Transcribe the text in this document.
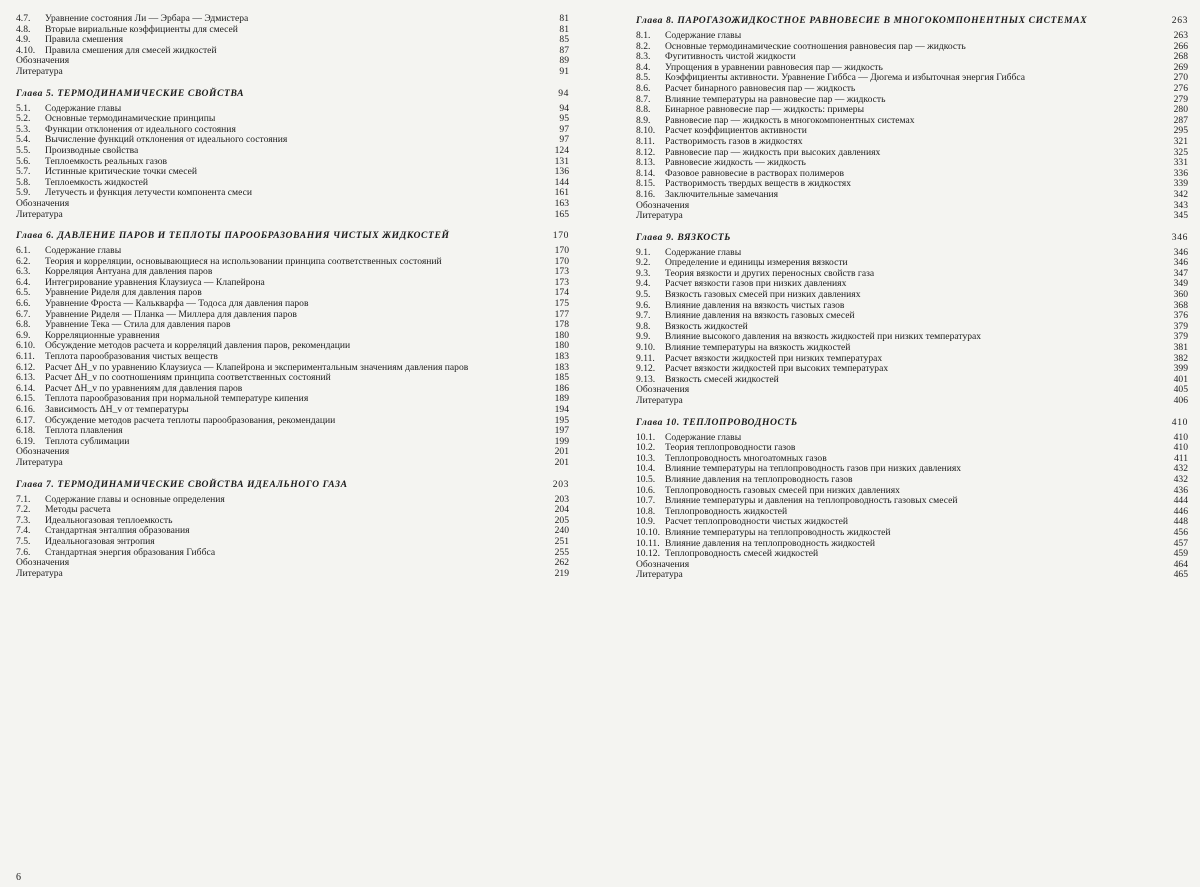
4.7.	Уравнение состояния Ли — Эрбара — Эдмистера	81
4.8.	Вторые вириальные коэффициенты для смесей	81
4.9.	Правила смешения	85
4.10.	Правила смешения для смесей жидкостей	87
Обозначения	89
Литература	91
Глава 5. ТЕРМОДИНАМИЧЕСКИЕ СВОЙСТВА	94
5.1.	Содержание главы	94
5.2.	Основные термодинамические принципы	95
5.3.	Функции отклонения от идеального состояния	97
5.4.	Вычисление функций отклонения от идеального состояния	97
5.5.	Производные свойства	124
5.6.	Теплоемкость реальных газов	131
5.7.	Истинные критические точки смесей	136
5.8.	Теплоемкость жидкостей	144
5.9.	Летучесть и функция летучести компонента смеси	161
Обозначения	163
Литература	165
Глава 6. ДАВЛЕНИЕ ПАРОВ И ТЕПЛОТЫ ПАРООБРАЗОВАНИЯ ЧИСТЫХ ЖИДКОСТЕЙ	170
6.1.	Содержание главы	170
6.2.	Теория и корреляции, основывающиеся на использовании принципа соответственных состояний	170
6.3.	Корреляция Антуана для давления паров	173
6.4.	Интегрирование уравнения Клаузиуса — Клапейрона	173
6.5.	Уравнение Риделя для давления паров	174
6.6.	Уравнение Фроста — Калькварфа — Тодоса для давления паров	175
6.7.	Уравнение Риделя — Планка — Миллера для давления паров	177
6.8.	Уравнение Тека — Стила для давления паров	178
6.9.	Корреляционные уравнения	180
6.10.	Обсуждение методов расчета и корреляций давления паров, рекомендации	180
6.11.	Теплота парообразования чистых веществ	183
6.12.	Расчет ΔH_v по уравнению Клаузиуса — Клапейрона и экспериментальным значениям давления паров	183
6.13.	Расчет ΔH_v по соотношениям принципа соответственных состояний	185
6.14.	Расчет ΔH_v по уравнениям для давления паров	186
6.15.	Теплота парообразования при нормальной температуре кипения	189
6.16.	Зависимость ΔH_v от температуры	194
6.17.	Обсуждение методов расчета теплоты парообразования, рекомендации	195
6.18.	Теплота плавления	197
6.19.	Теплота сублимации	199
Обозначения	201
Литература	201
Глава 7. ТЕРМОДИНАМИЧЕСКИЕ СВОЙСТВА ИДЕАЛЬНОГО ГАЗА	203
7.1.	Содержание главы и основные определения	203
7.2.	Методы расчета	204
7.3.	Идеальногазовая теплоемкость	205
7.4.	Стандартная энталпия образования	240
7.5.	Идеальногазовая энтропия	251
7.6.	Стандартная энергия образования Гиббса	255
Обозначения	262
Литература	219
Глава 8. ПАРОГАЗОЖИДКОСТНОЕ РАВНОВЕСИЕ В МНОГОКОМПОНЕНТНЫХ СИСТЕМАХ	263
8.1.	Содержание главы	263
8.2.	Основные термодинамические соотношения равновесия пар — жидкость	266
8.3.	Фугитивность чистой жидкости	268
8.4.	Упрощения в уравнении равновесия пар — жидкость	269
8.5.	Коэффициенты активности. Уравнение Гиббса — Дюгема и избыточная энергия Гиббса	270
8.6.	Расчет бинарного равновесия пар — жидкость	276
8.7.	Влияние температуры на равновесие пар — жидкость	279
8.8.	Бинарное равновесие пар — жидкость: примеры	280
8.9.	Равновесие пар — жидкость в многокомпонентных системах	287
8.10.	Расчет коэффициентов активности	295
8.11.	Растворимость газов в жидкостях	321
8.12.	Равновесие пар — жидкость при высоких давлениях	325
8.13.	Равновесие жидкость — жидкость	331
8.14.	Фазовое равновесие в растворах полимеров	336
8.15.	Растворимость твердых веществ в жидкостях	339
8.16.	Заключительные замечания	342
Обозначения	343
Литература	345
Глава 9. ВЯЗКОСТЬ	346
9.1.	Содержание главы	346
9.2.	Определение и единицы измерения вязкости	346
9.3.	Теория вязкости и других переносных свойств газа	347
9.4.	Расчет вязкости газов при низких давлениях	349
9.5.	Вязкость газовых смесей при низких давлениях	360
9.6.	Влияние давления на вязкость чистых газов	368
9.7.	Влияние давления на вязкость газовых смесей	376
9.8.	Вязкость жидкостей	379
9.9.	Влияние высокого давления на вязкость жидкостей при низких температурах	379
9.10.	Влияние температуры на вязкость жидкостей	381
9.11.	Расчет вязкости жидкостей при низких температурах	382
9.12.	Расчет вязкости жидкостей при высоких температурах	399
9.13.	Вязкость смесей жидкостей	401
Обозначения	405
Литература	406
Глава 10. ТЕПЛОПРОВОДНОСТЬ	410
10.1.	Содержание главы	410
10.2.	Теория теплопроводности газов	410
10.3.	Теплопроводность многоатомных газов	411
10.4.	Влияние температуры на теплопроводность газов при низких давлениях	432
10.5.	Влияние давления на теплопроводность газов	432
10.6.	Теплопроводность газовых смесей при низких давлениях	436
10.7.	Влияние температуры и давления на теплопроводность газовых смесей	444
10.8.	Теплопроводность жидкостей	446
10.9.	Расчет теплопроводности чистых жидкостей	448
10.10. Влияние температуры на теплопроводность жидкостей	456
10.11. Влияние давления на теплопроводность жидкостей	457
10.12. Теплопроводность смесей жидкостей	459
Обозначения	464
Литература	465
6
